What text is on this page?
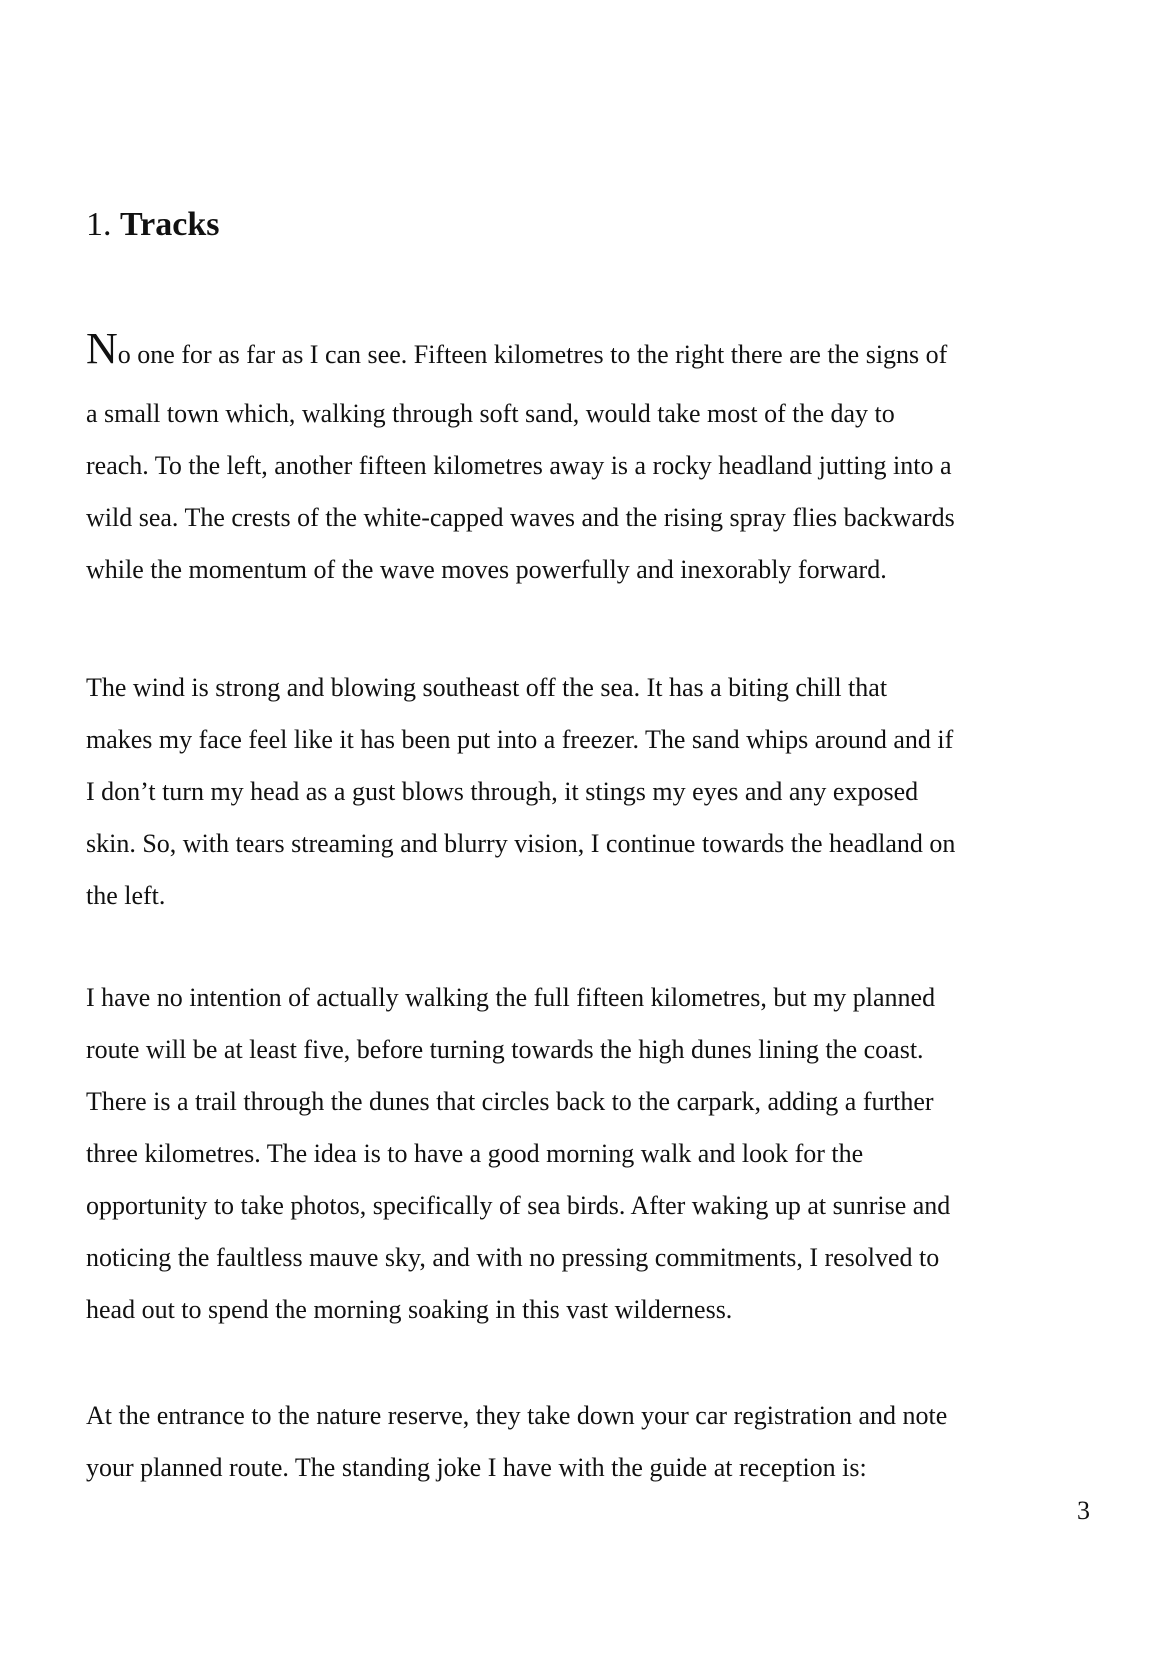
1. Tracks
No one for as far as I can see. Fifteen kilometres to the right there are the signs of
a small town which, walking through soft sand, would take most of the day to
reach. To the left, another fifteen kilometres away is a rocky headland jutting into a
wild sea. The crests of the white-capped waves and the rising spray flies backwards
while the momentum of the wave moves powerfully and inexorably forward.
The wind is strong and blowing southeast off the sea. It has a biting chill that
makes my face feel like it has been put into a freezer. The sand whips around and if
I don’t turn my head as a gust blows through, it stings my eyes and any exposed
skin. So, with tears streaming and blurry vision, I continue towards the headland on
the left.
I have no intention of actually walking the full fifteen kilometres, but my planned
route will be at least five, before turning towards the high dunes lining the coast.
There is a trail through the dunes that circles back to the carpark, adding a further
three kilometres. The idea is to have a good morning walk and look for the
opportunity to take photos, specifically of sea birds. After waking up at sunrise and
noticing the faultless mauve sky, and with no pressing commitments, I resolved to
head out to spend the morning soaking in this vast wilderness.
At the entrance to the nature reserve, they take down your car registration and note
your planned route. The standing joke I have with the guide at reception is:
3
